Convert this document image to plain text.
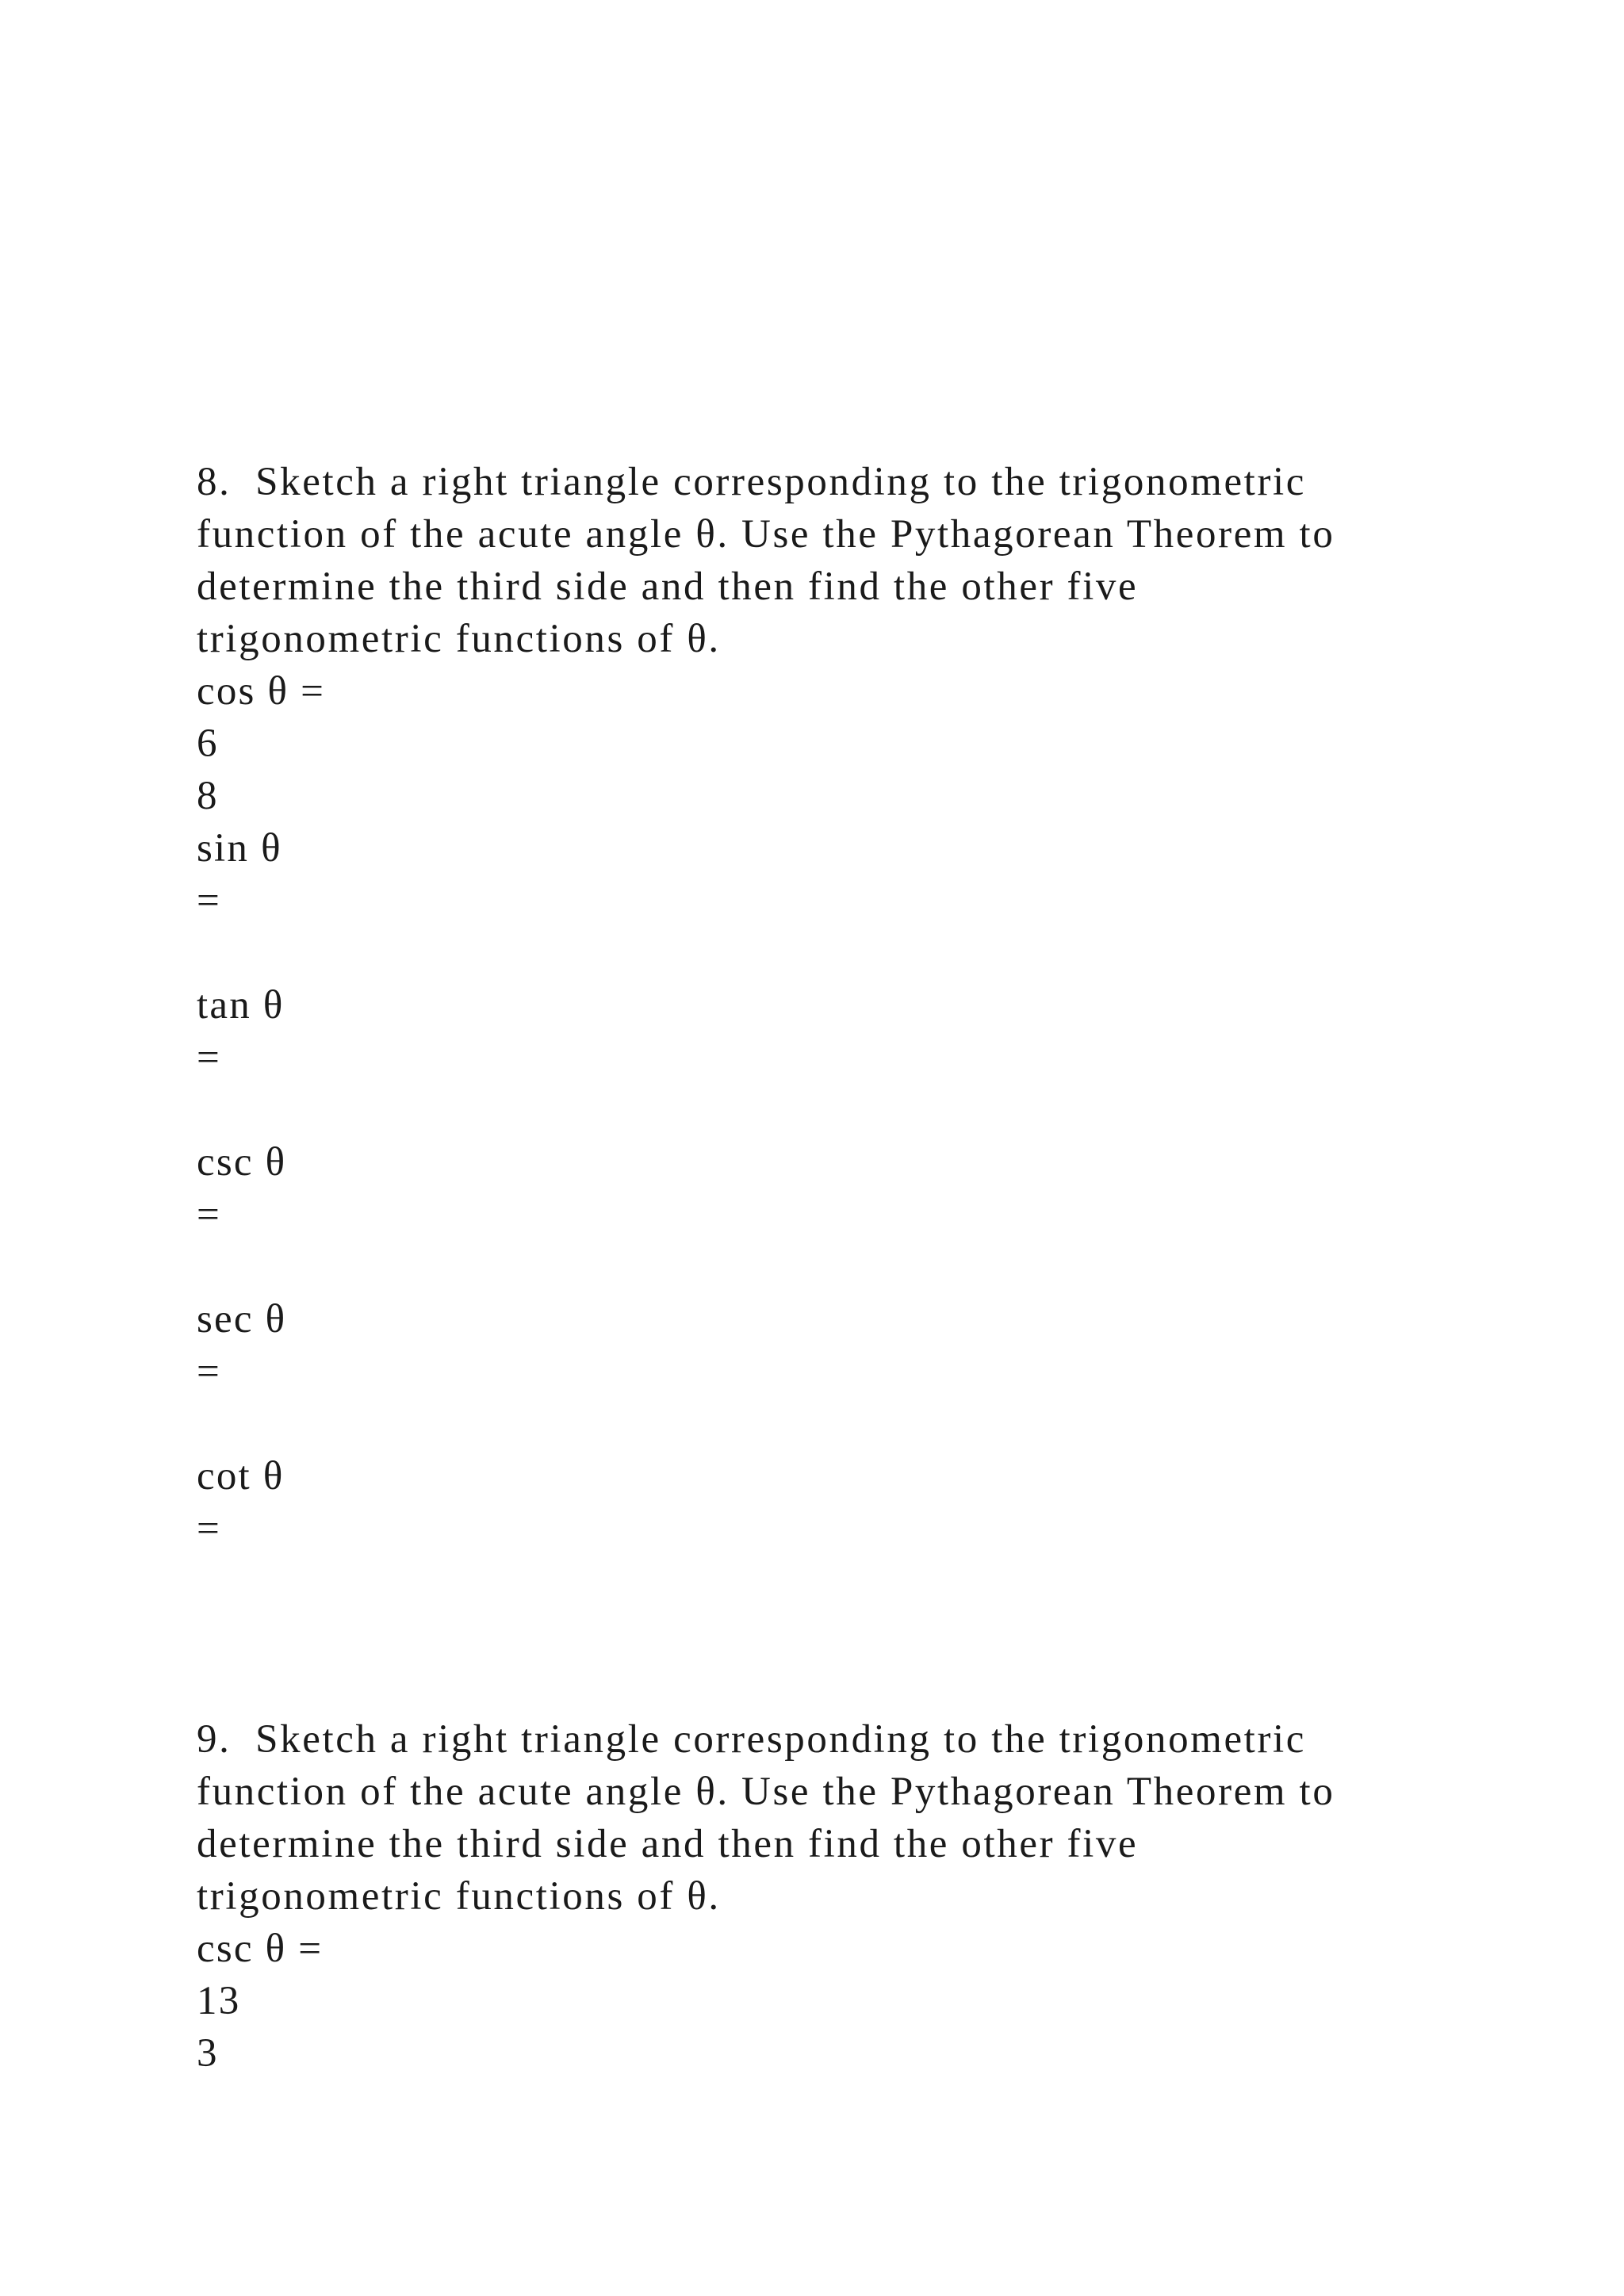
8.  Sketch a right triangle corresponding to the trigonometric
function of the acute angle θ. Use the Pythagorean Theorem to
determine the third side and then find the other five
trigonometric functions of θ.
cos θ =
6
8
sin θ
=
tan θ
=
csc θ
=
sec θ
=
cot θ
=
9.  Sketch a right triangle corresponding to the trigonometric
function of the acute angle θ. Use the Pythagorean Theorem to
determine the third side and then find the other five
trigonometric functions of θ.
csc θ =
13
3
